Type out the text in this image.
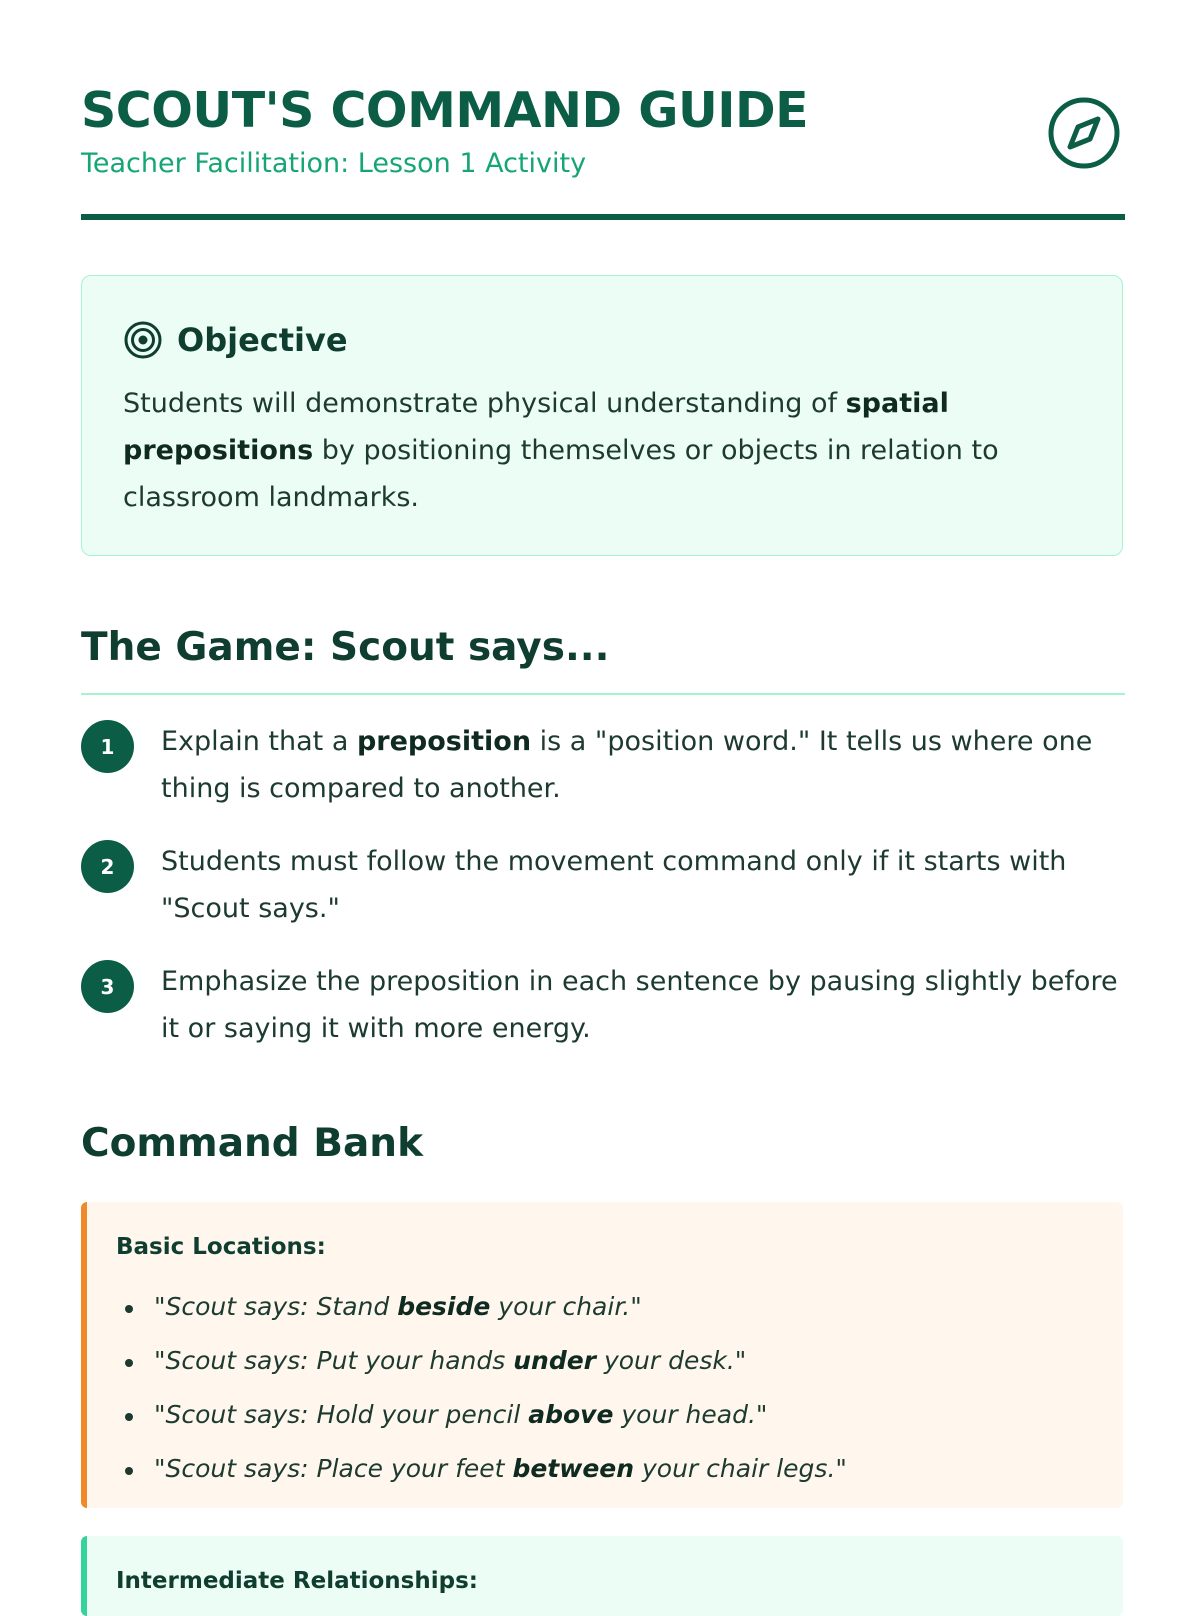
SCOUT'S COMMAND GUIDE

Teacher Facilitation: Lesson 1 Activity

Objective

Students will demonstrate physical understanding of spatial prepositions by positioning themselves or objects in relation to classroom landmarks.

The Game: Scout says...
1	Explain that a preposition is a "position word." It tells us where one thing is compared to another.

2	Students must follow the movement command only if it starts with "Scout says."

3	Emphasize the preposition in each sentence by pausing slightly before it or saying it with more energy.

Command Bank
Basic Locations:
"Scout says: Stand beside your chair."
"Scout says: Put your hands under your desk."
"Scout says: Hold your pencil above your head."
"Scout says: Place your feet between your chair legs."
Intermediate Relationships:
